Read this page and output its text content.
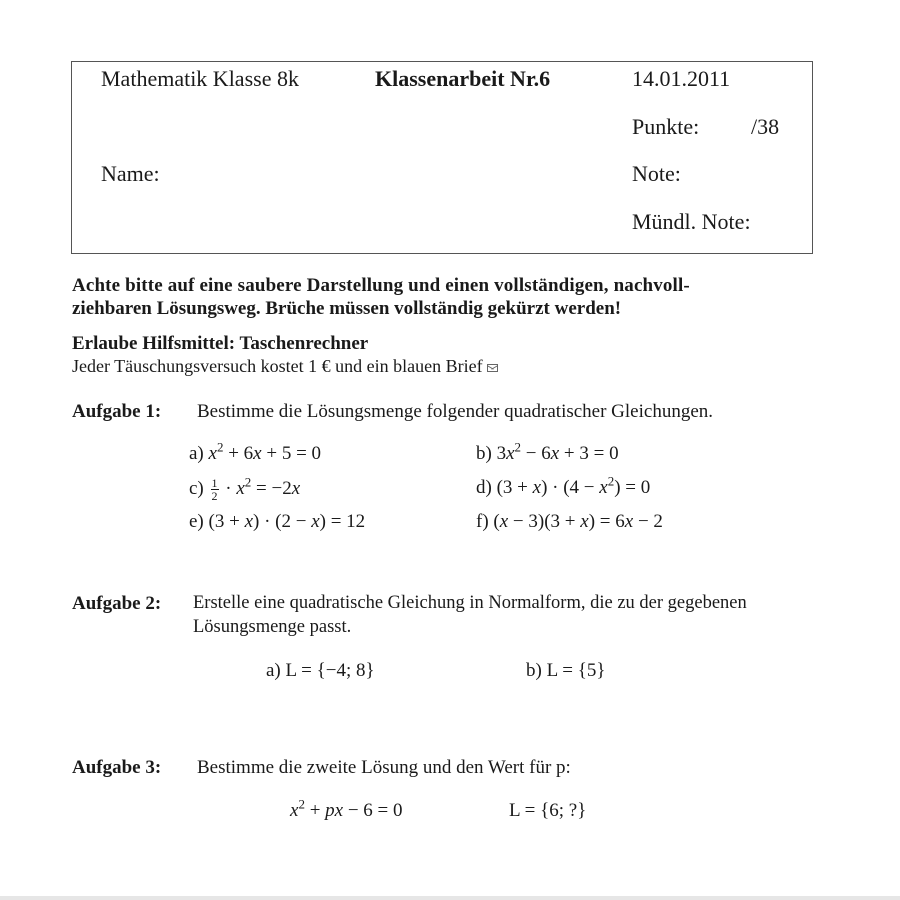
Mathematik Klasse 8k	Klassenarbeit Nr.6	14.01.2011
Punkte: /38
Name:	Note:
Mündl. Note:
Achte bitte auf eine saubere Darstellung und einen vollständigen, nachvoll-
ziehbaren Lösungsweg. Brüche müssen vollständig gekürzt werden!
Erlaube Hilfsmittel: Taschenrechner
Jeder Täuschungsversuch kostet 1 € und ein blauen Brief
Aufgabe 1: Bestimme die Lösungsmenge folgender quadratischer Gleichungen.
a) $x^2 + 6x + 5 = 0$	b) $3x^2 - 6x + 3 = 0$
$c) \frac{1}{2} \cdot x^2 = -2x$	d) $(3 + x) \cdot (4 - x^2) = 0$
e) (3 + x) · (2 − x) = 12	f) (x − 3)(3 + x) = 6x − 2
Aufgabe 2: Erstelle eine quadratische Gleichung in Normalform, die zu der gegebenen
Lösungsmenge passt.
a) L = {−4; 8}	b) L = {5}
Aufgabe 3: Bestimme die zweite Lösung und den Wert für p:
$x^2$ + px − 6 = 0	L = {6; ?}
